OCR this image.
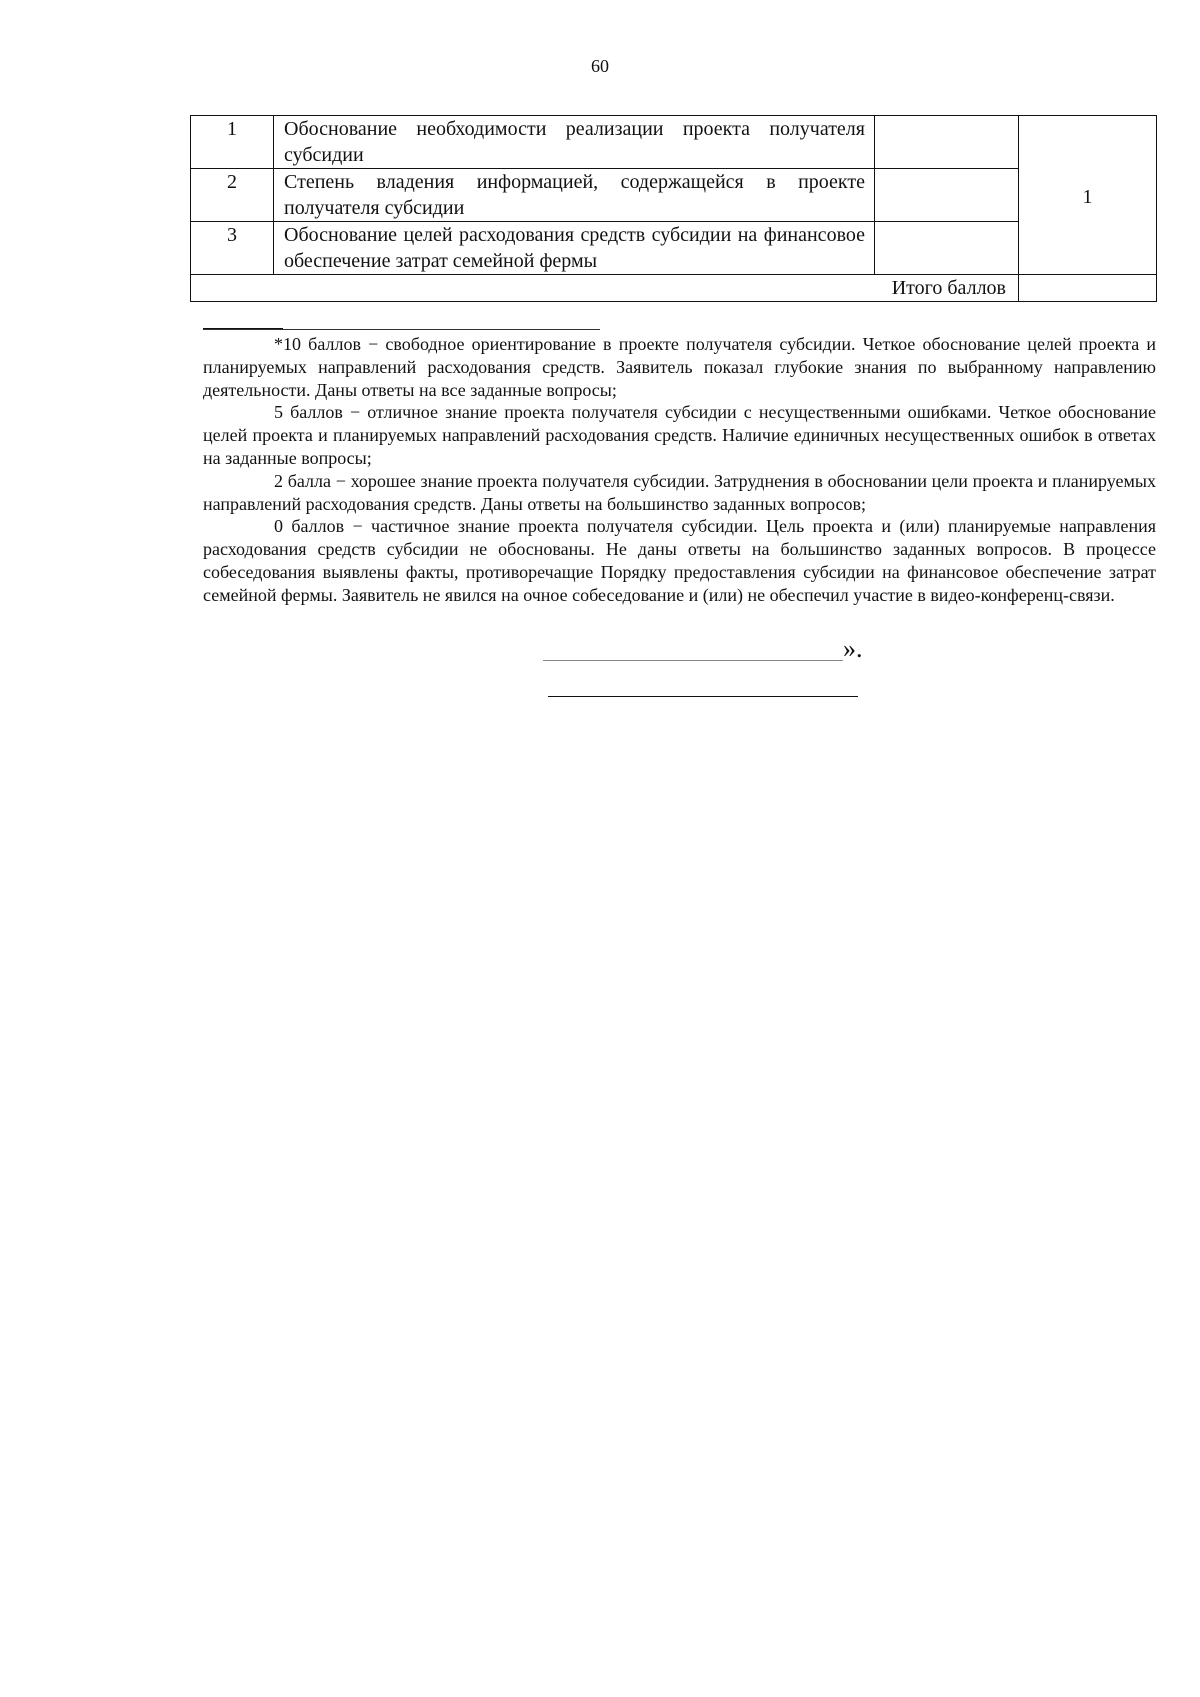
60
1	Обоснование необходимости реализации проекта получателя субсидии		1
2	Степень владения информацией, содержащейся в проекте получателя субсидии		
3	Обоснование целей расходования средств субсидии на финансовое обеспечение затрат семейной фермы		
Итого баллов			

*10 баллов − свободное ориентирование в проекте получателя субсидии. Четкое обоснование целей проекта и планируемых направлений расходования средств. Заявитель показал глубокие знания по выбранному направлению деятельности. Даны ответы на все заданные вопросы;

5 баллов − отличное знание проекта получателя субсидии с несущественными ошибками. Четкое обоснование целей проекта и планируемых направлений расходования средств. Наличие единичных несущественных ошибок в ответах на заданные вопросы;

2 балла − хорошее знание проекта получателя субсидии. Затруднения в обосновании цели проекта и планируемых направлений расходования средств. Даны ответы на большинство заданных вопросов;

0 баллов − частичное знание проекта получателя субсидии. Цель проекта и (или) планируемые направления расходования средств субсидии не обоснованы. Не даны ответы на большинство заданных вопросов. В процессе собеседования выявлены факты, противоречащие Порядку предоставления субсидии на финансовое обеспечение затрат семейной фермы. Заявитель не явился на очное собеседование и (или) не обеспечил участие в видео-конференц-связи.

».
